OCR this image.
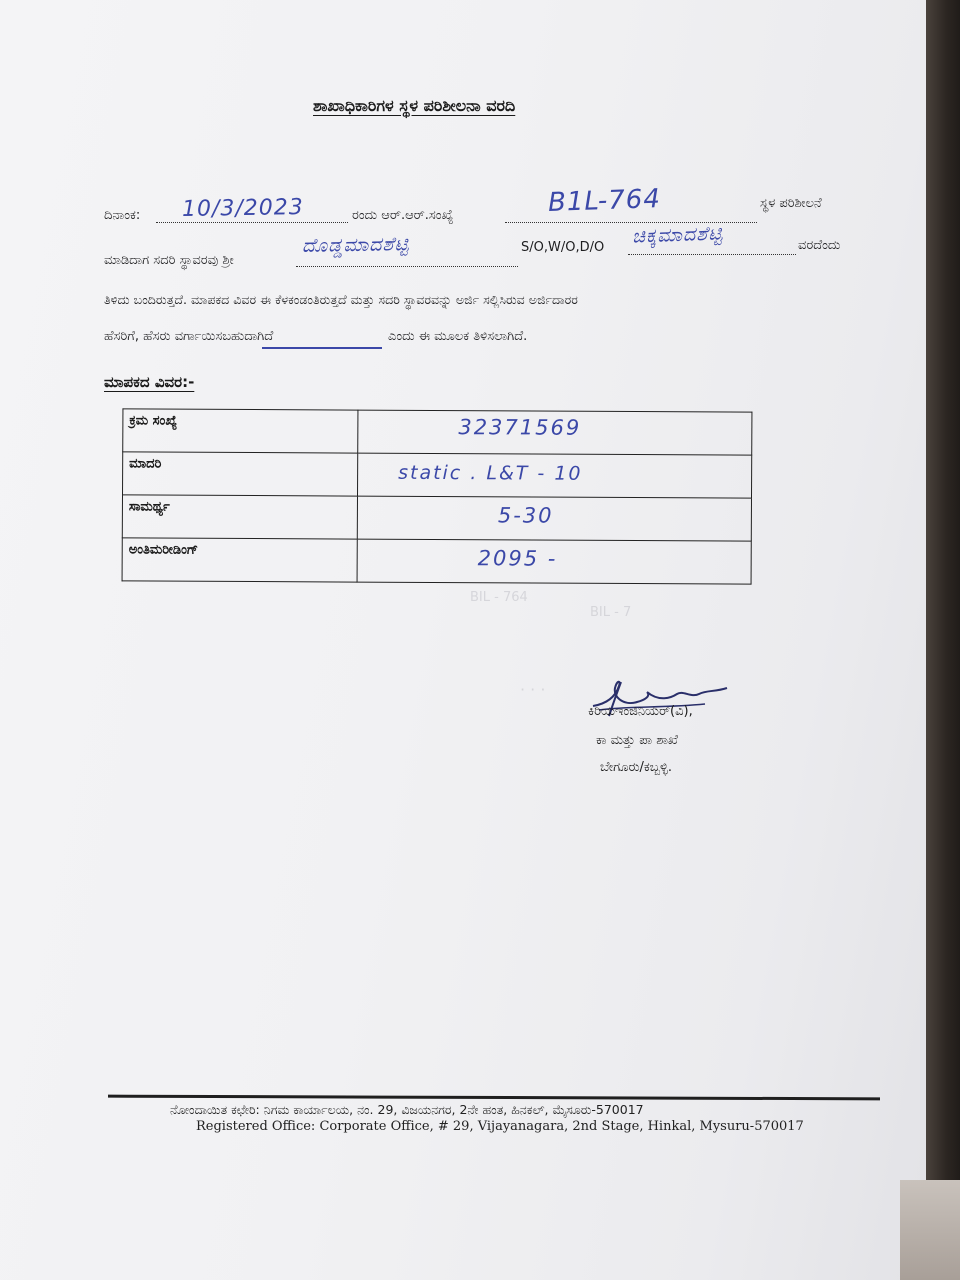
BIL - 764
BIL - 7
· · ·
ಶಾಖಾಧಿಕಾರಿಗಳ ಸ್ಥಳ ಪರಿಶೀಲನಾ ವರದಿ
ದಿನಾಂಕ: 10/3/2023	ರಂದು ಆರ್.ಆರ್.ಸಂಖ್ಯೆ	B1L-764	ಸ್ಥಳ ಪರಿಶೀಲನೆ
ಮಾಡಿದಾಗ ಸದರಿ ಸ್ಥಾವರವು ಶ್ರೀ
ದೊಡ್ಡಮಾದಶೆಟ್ಟಿ	S/O,W/O,D/O ಚಿಕ್ಕಮಾದಶೆಟ್ಟಿ	ವರದೆಂದು
ತಿಳಿದು ಬಂದಿರುತ್ತದೆ. ಮಾಪಕದ ವಿವರ ಈ ಕೆಳಕಂಡಂತಿರುತ್ತದೆ ಮತ್ತು ಸದರಿ ಸ್ಥಾವರವನ್ನು ಅರ್ಜಿ ಸಲ್ಲಿಸಿರುವ ಅರ್ಜಿದಾರರ
ಹೆಸರಿಗೆ, ಹೆಸರು ವರ್ಗಾಯಿಸಬಹುದಾಗಿದೆ	ಎಂದು ಈ ಮೂಲಕ ತಿಳಿಸಲಾಗಿದೆ.
ಮಾಪಕದ ವಿವರ:-
ಕ್ರಮ ಸಂಖ್ಯೆ	32371569

ಮಾದರಿ	static . L&T - 10

ಸಾಮರ್ಥ್ಯ	5-30

ಅಂತಿಮರೀಡಿಂಗ್	2095 -
ಕಿರಿಯಇಂಜಿನಿಯರ್(ವಿ),
ಕಾ ಮತ್ತು ಪಾ ಶಾಖೆ
ಬೇಗೂರು/ಕಬ್ಬಳ್ಳಿ.
ನೋಂದಾಯಿತ ಕಛೇರಿ: ನಿಗಮ ಕಾರ್ಯಾಲಯ, ನಂ. 29, ವಿಜಯನಗರ, 2ನೇ ಹಂತ, ಹಿನಕಲ್, ಮೈಸೂರು-570017
Registered Office: Corporate Office, # 29, Vijayanagara, 2nd Stage, Hinkal, Mysuru-570017
